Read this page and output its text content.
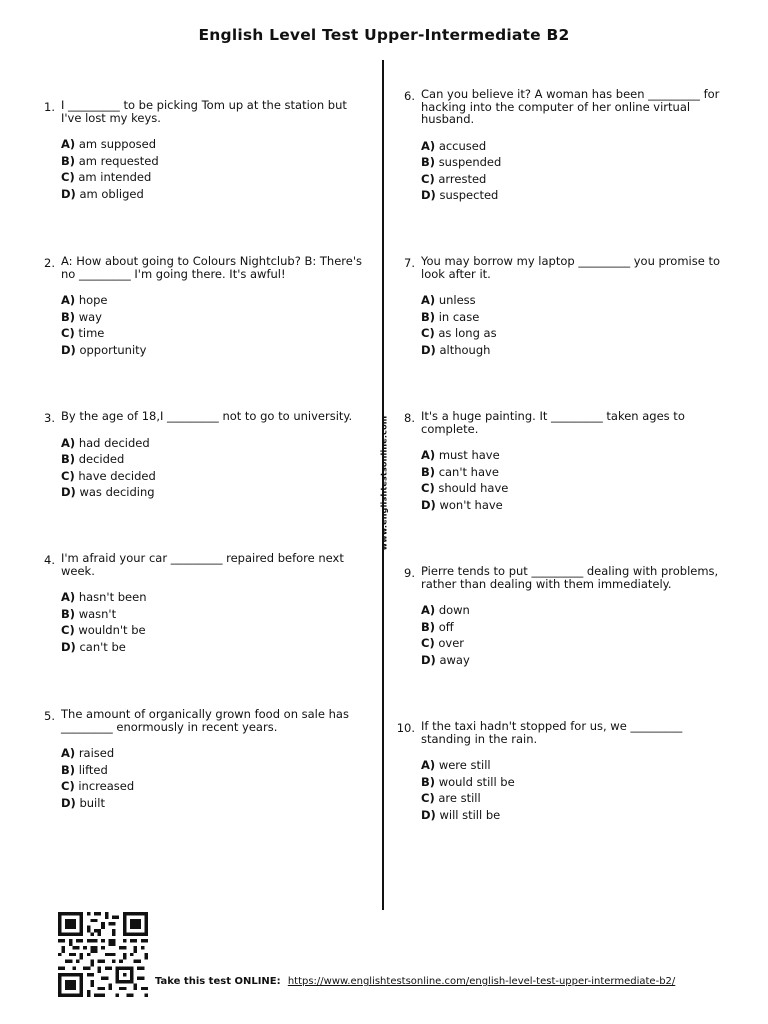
English Level Test Upper-Intermediate B2
www.englishtestsonline.com
1. I _________ to be picking Tom up at the station but I've lost my keys.

A) am supposed
B) am requested
C) am intended
D) am obliged
2. A: How about going to Colours Nightclub? B: There's no _________ I'm going there. It's awful!

A) hope
B) way
C) time
D) opportunity
3. By the age of 18,I _________ not to go to university.

A) had decided
B) decided
C) have decided
D) was deciding
4. I'm afraid your car _________ repaired before next week.

A) hasn't been
B) wasn't
C) wouldn't be
D) can't be
5. The amount of organically grown food on sale has _________ enormously in recent years.

A) raised
B) lifted
C) increased
D) built
6. Can you believe it? A woman has been _________ for hacking into the computer of her online virtual husband.

A) accused
B) suspended
C) arrested
D) suspected
7. You may borrow my laptop _________ you promise to look after it.

A) unless
B) in case
C) as long as
D) although
8. It's a huge painting. It _________ taken ages to complete.

A) must have
B) can't have
C) should have
D) won't have
9. Pierre tends to put _________ dealing with problems, rather than dealing with them immediately.

A) down
B) off
C) over
D) away
10. If the taxi hadn't stopped for us, we _________ standing in the rain.

A) were still
B) would still be
C) are still
D) will still be
Take this test ONLINE: https://www.englishtestsonline.com/english-level-test-upper-intermediate-b2/
